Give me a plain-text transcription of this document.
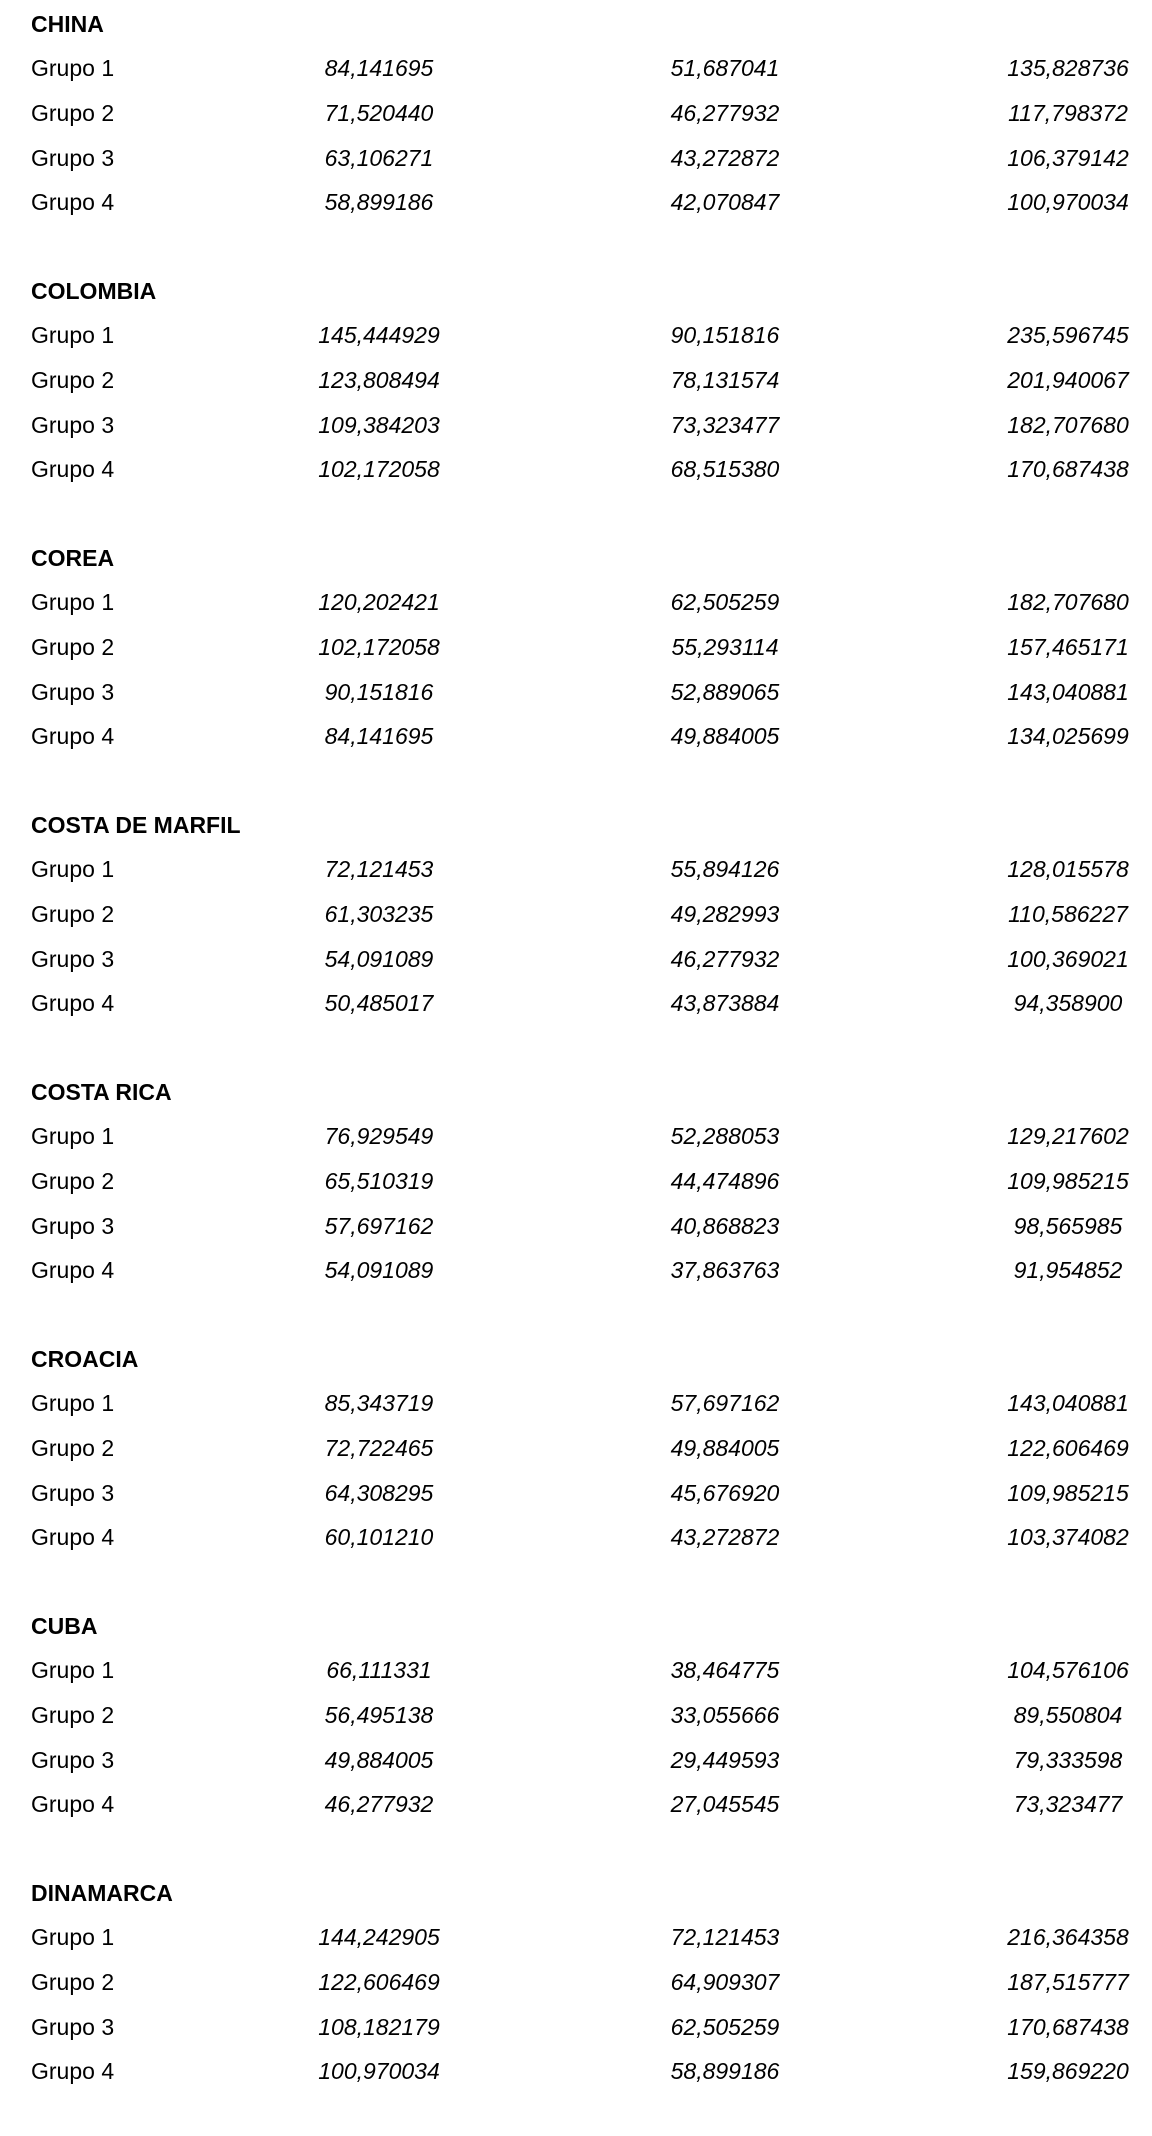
CHINA
Grupo 1	84,141695	51,687041	135,828736
Grupo 2	71,520440	46,277932	117,798372
Grupo 3	63,106271	43,272872	106,379142
Grupo 4	58,899186	42,070847	100,970034
COLOMBIA
Grupo 1	145,444929	90,151816	235,596745
Grupo 2	123,808494	78,131574	201,940067
Grupo 3	109,384203	73,323477	182,707680
Grupo 4	102,172058	68,515380	170,687438
COREA
Grupo 1	120,202421	62,505259	182,707680
Grupo 2	102,172058	55,293114	157,465171
Grupo 3	90,151816	52,889065	143,040881
Grupo 4	84,141695	49,884005	134,025699
COSTA DE MARFIL
Grupo 1	72,121453	55,894126	128,015578
Grupo 2	61,303235	49,282993	110,586227
Grupo 3	54,091089	46,277932	100,369021
Grupo 4	50,485017	43,873884	94,358900
COSTA RICA
Grupo 1	76,929549	52,288053	129,217602
Grupo 2	65,510319	44,474896	109,985215
Grupo 3	57,697162	40,868823	98,565985
Grupo 4	54,091089	37,863763	91,954852
CROACIA
Grupo 1	85,343719	57,697162	143,040881
Grupo 2	72,722465	49,884005	122,606469
Grupo 3	64,308295	45,676920	109,985215
Grupo 4	60,101210	43,272872	103,374082
CUBA
Grupo 1	66,111331	38,464775	104,576106
Grupo 2	56,495138	33,055666	89,550804
Grupo 3	49,884005	29,449593	79,333598
Grupo 4	46,277932	27,045545	73,323477
DINAMARCA
Grupo 1	144,242905	72,121453	216,364358
Grupo 2	122,606469	64,909307	187,515777
Grupo 3	108,182179	62,505259	170,687438
Grupo 4	100,970034	58,899186	159,869220
